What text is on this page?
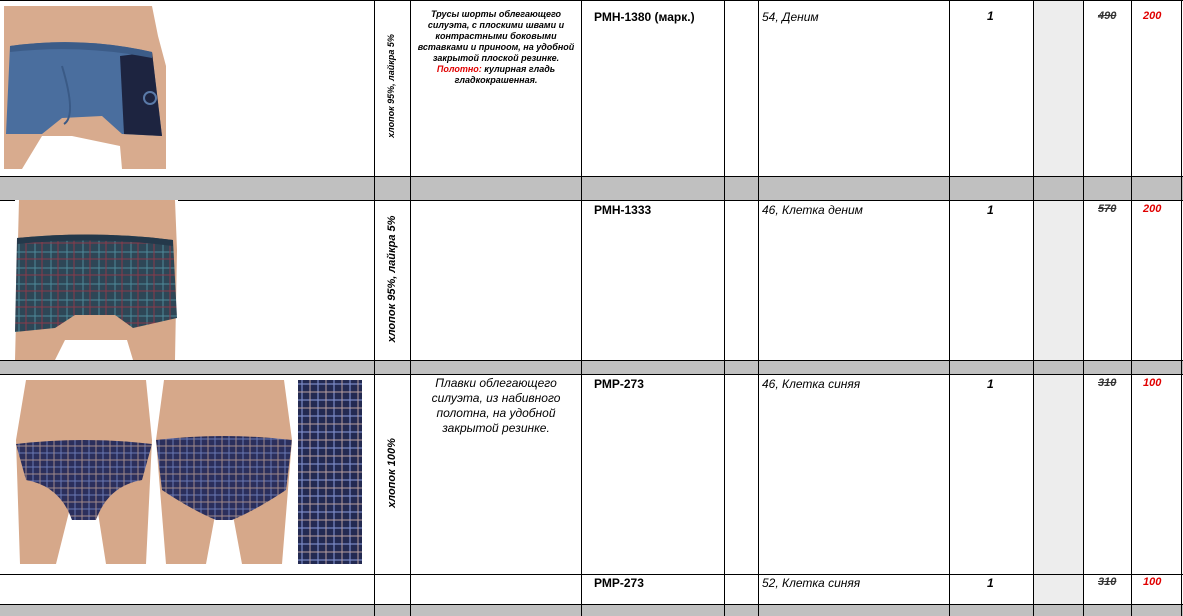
хлопок 95%, лайкра 5%
Трусы шорты облегающего силуэта, с плоскими швами и контрастными боковыми вставками и приноом, на удобной закрытой плоской резинке. Полотно: кулирная гладь гладкокрашенная.
РМН-1380 (марк.)	54, Деним	1	490 200
хлопок 95%, лайкра 5%
РМН-1333	46, Клетка деним	1	570 200
хлопок 100%
Плавки облегающего силуэта, из набивного полотна, на удобной закрытой резинке.
РМР-273	46, Клетка синяя	1	310 100
РМР-273	52, Клетка синяя	1	310 100
